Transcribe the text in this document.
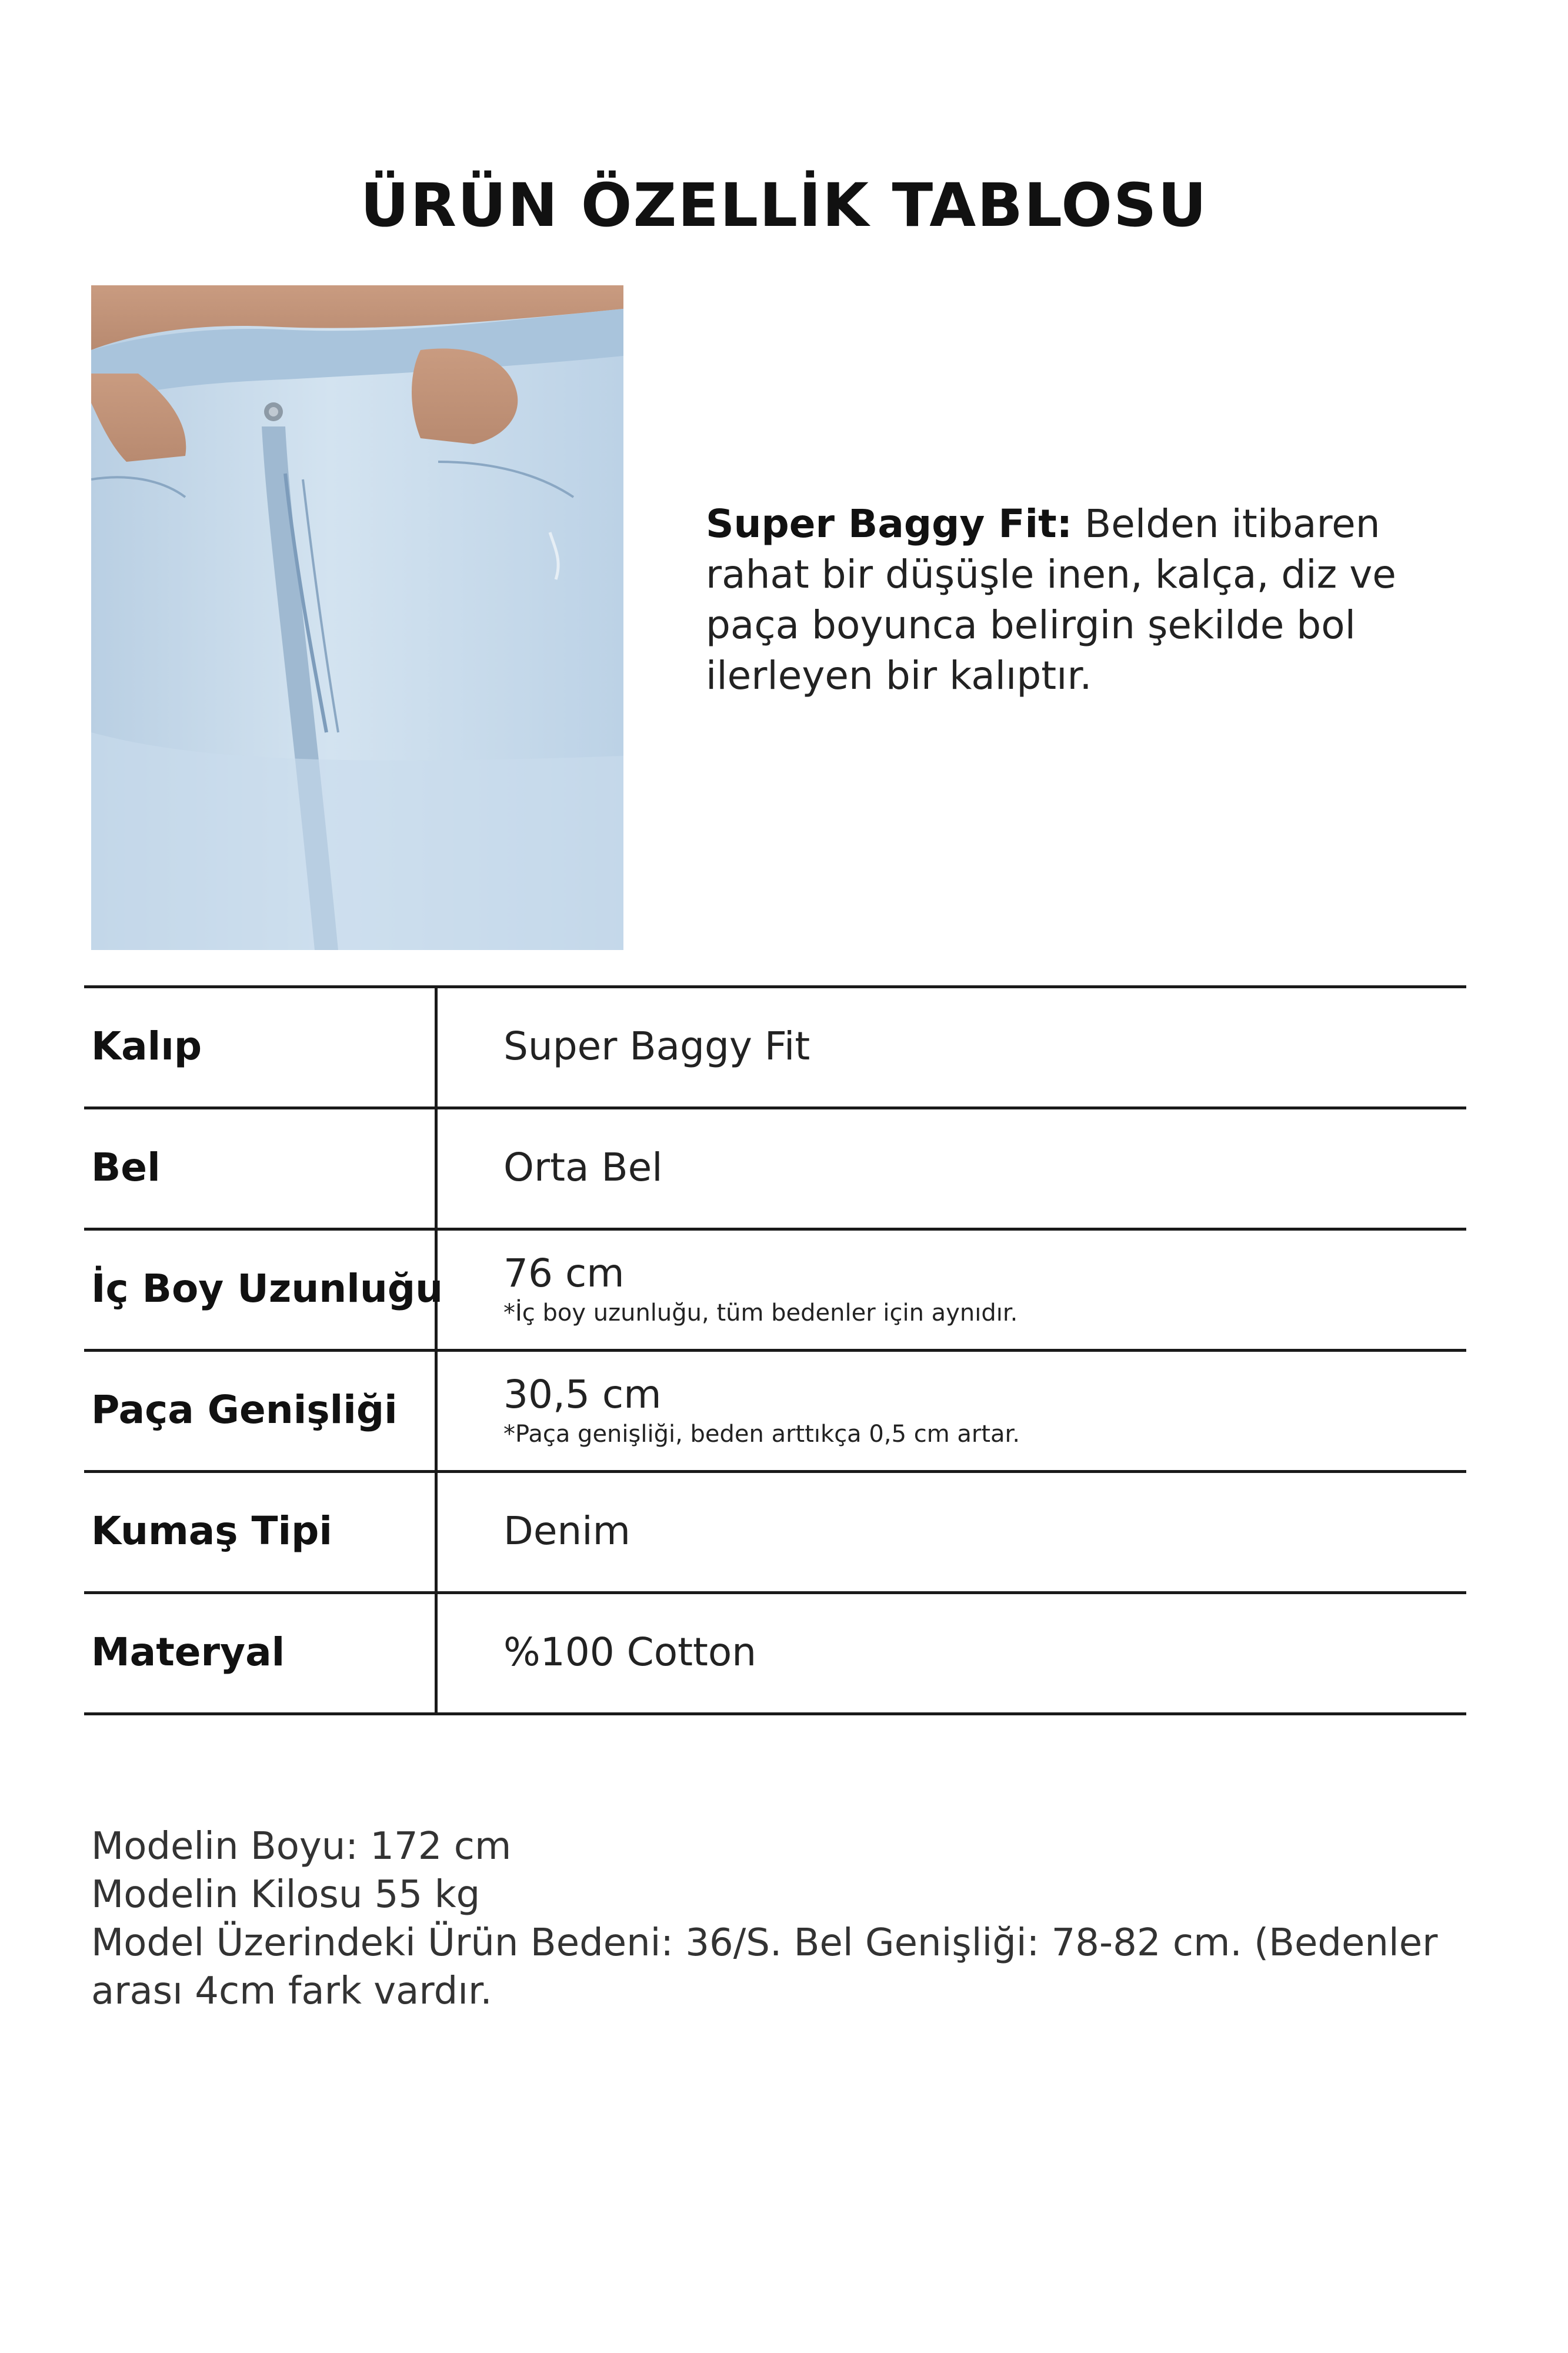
ÜRÜN ÖZELLİK TABLOSU
Super Baggy Fit: Belden itibaren rahat bir düşüşle inen, kalça, diz ve paça boyunca belirgin şekilde bol ilerleyen bir kalıptır.
Kalıp	Super Baggy Fit
Bel	Orta Bel
İç Boy Uzunluğu 76 cm
*İç boy uzunluğu, tüm bedenler için aynıdır.
Paça Genişliği	30,5 cm
*Paça genişliği, beden arttıkça 0,5 cm artar.
Kumaş Tipi	Denim
Materyal	%100 Cotton
Modelin Boyu: 172 cm
Modelin Kilosu 55 kg
Model Üzerindeki Ürün Bedeni: 36/S. Bel Genişliği: 78-82 cm. (Bedenler arası 4cm fark vardır.
